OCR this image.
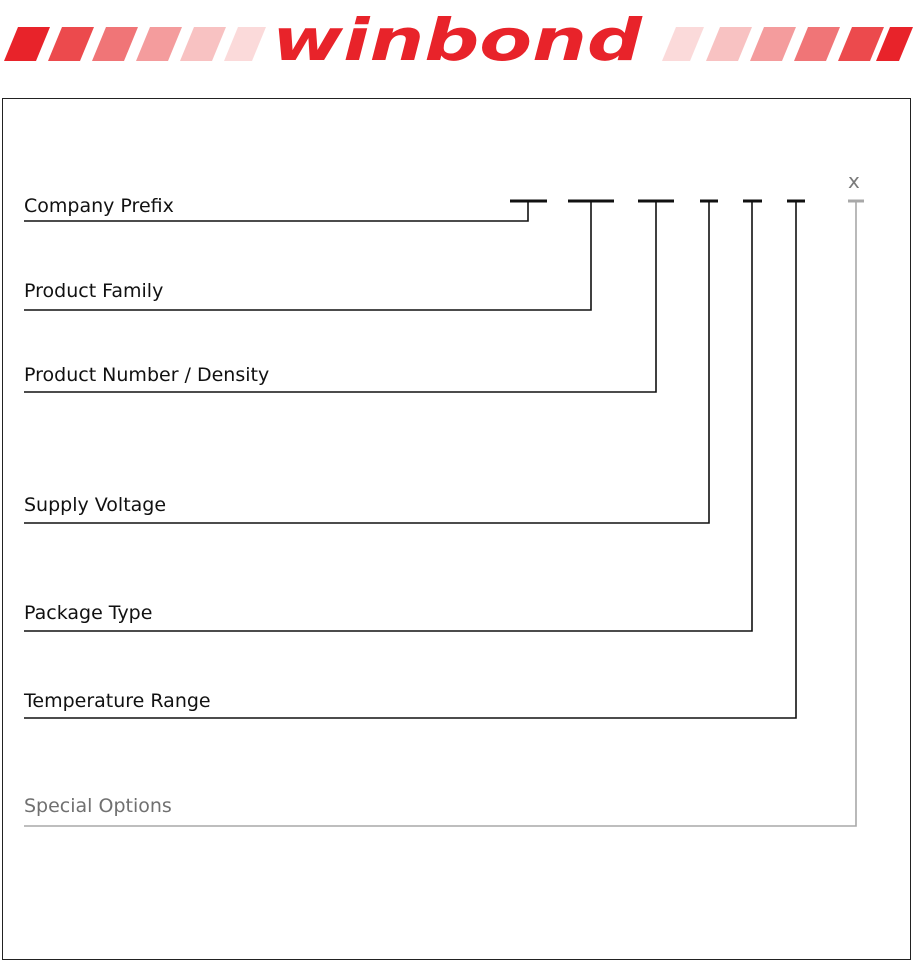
winbond
x
Company Prefix
Product Family
Product Number / Density
Supply Voltage
Package Type
Temperature Range
Special Options
